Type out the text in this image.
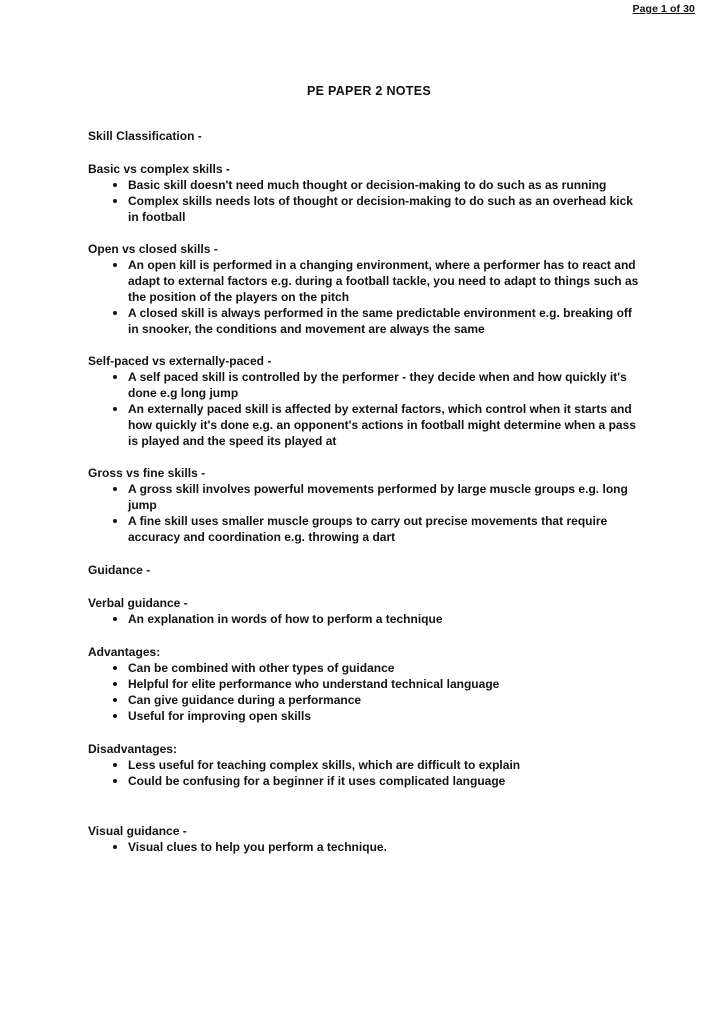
Page 1 of 30
PE PAPER 2 NOTES
Skill Classification -
Basic vs complex skills -
Basic skill doesn't need much thought or decision-making to do such as as running
Complex skills needs lots of thought or decision-making to do such as an overhead kick in football
Open vs closed skills -
An open kill is performed in a changing environment, where a performer has to react and adapt to external factors e.g. during a football tackle, you need to adapt to things such as the position of the players on the pitch
A closed skill is always performed in the same predictable environment e.g. breaking off in snooker, the conditions and movement are always the same
Self-paced vs externally-paced -
A self paced skill is controlled by the performer - they decide when and how quickly it's done e.g long jump
An externally paced skill is affected by external factors, which control when it starts and how quickly it's done e.g. an opponent's actions in football might determine when a pass is played and the speed its played at
Gross vs fine skills -
A gross skill involves powerful movements performed by large muscle groups e.g. long jump
A fine skill uses smaller muscle groups to carry out precise movements that require accuracy and coordination e.g. throwing a dart
Guidance -
Verbal guidance -
An explanation in words of how to perform a technique
Advantages:
Can be combined with other types of guidance
Helpful for elite performance who understand technical language
Can give guidance during a performance
Useful for improving open skills
Disadvantages:
Less useful for teaching complex skills, which are difficult to explain
Could be confusing for a beginner if it uses complicated language
Visual guidance -
Visual clues to help you perform a technique.
